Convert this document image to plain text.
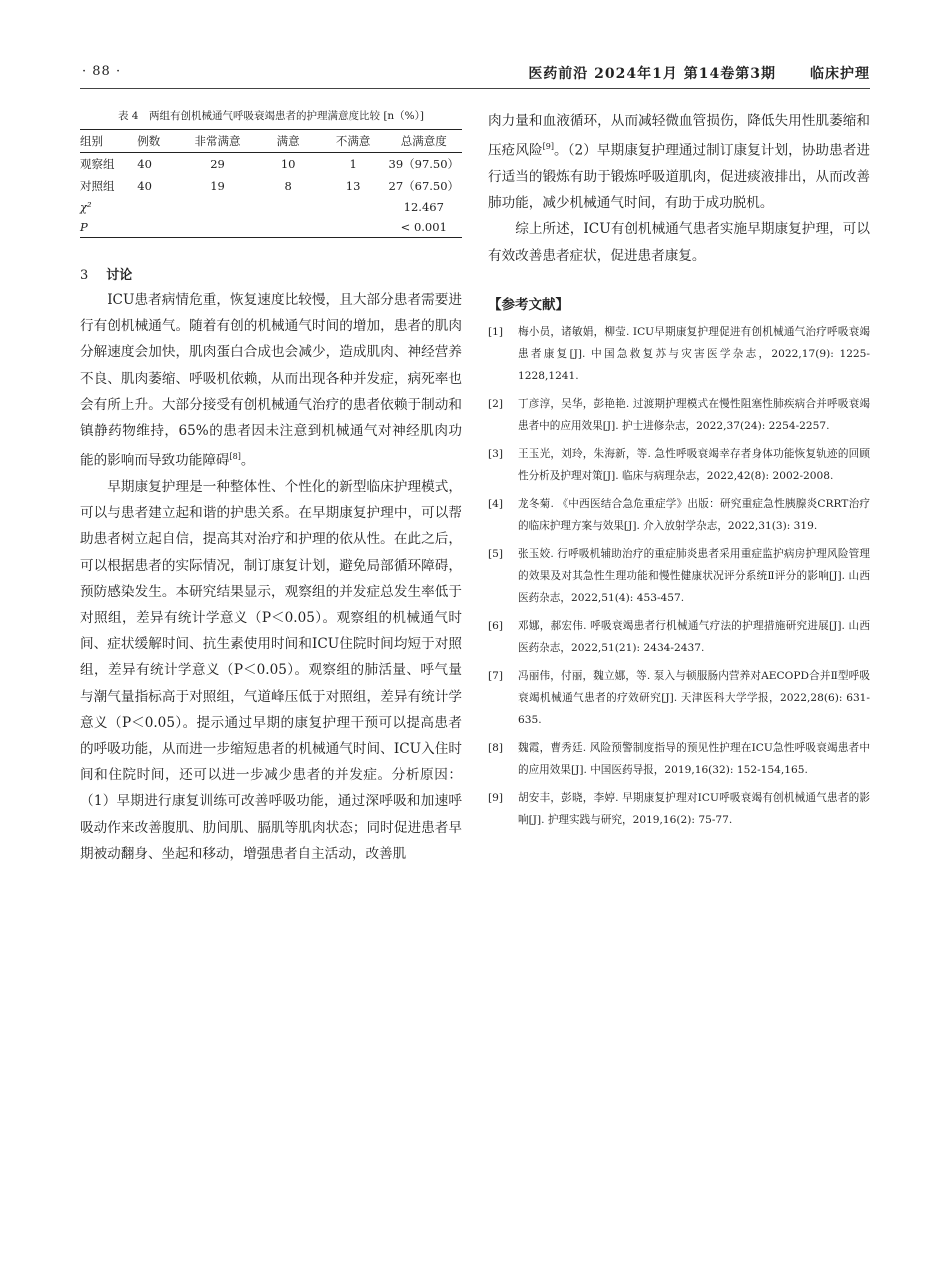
· 88 ·	医药前沿 2024年1月 第14卷第3期 临床护理
表 4　两组有创机械通气呼吸衰竭患者的护理满意度比较 [n（%）]
组别	例数	非常满意	满意	不满意	总满意度
观察组	40	29	10	1	39（97.50）
对照组	40	19	8	13	27（67.50）
χ²					12.467
P					< 0.001
3 讨论

ICU患者病情危重，恢复速度比较慢，且大部分患者需要进行有创机械通气。随着有创的机械通气时间的增加，患者的肌肉分解速度会加快，肌肉蛋白合成也会减少，造成肌肉、神经营养不良、肌肉萎缩、呼吸机依赖，从而出现各种并发症，病死率也会有所上升。大部分接受有创机械通气治疗的患者依赖于制动和镇静药物维持，65%的患者因未注意到机械通气对神经肌肉功能的影响而导致功能障碍[8]。

早期康复护理是一种整体性、个性化的新型临床护理模式，可以与患者建立起和谐的护患关系。在早期康复护理中，可以帮助患者树立起自信，提高其对治疗和护理的依从性。在此之后，可以根据患者的实际情况，制订康复计划，避免局部循环障碍，预防感染发生。本研究结果显示，观察组的并发症总发生率低于对照组，差异有统计学意义（P＜0.05）。观察组的机械通气时间、症状缓解时间、抗生素使用时间和ICU住院时间均短于对照组，差异有统计学意义（P＜0.05）。观察组的肺活量、呼气量与潮气量指标高于对照组，气道峰压低于对照组，差异有统计学意义（P＜0.05）。提示通过早期的康复护理干预可以提高患者的呼吸功能，从而进一步缩短患者的机械通气时间、ICU入住时间和住院时间，还可以进一步减少患者的并发症。分析原因：（1）早期进行康复训练可改善呼吸功能，通过深呼吸和加速呼吸动作来改善腹肌、肋间肌、膈肌等肌肉状态；同时促进患者早期被动翻身、坐起和移动，增强患者自主活动，改善肌

肉力量和血液循环，从而减轻微血管损伤，降低失用性肌萎缩和压疮风险[9]。（2）早期康复护理通过制订康复计划，协助患者进行适当的锻炼有助于锻炼呼吸道肌肉，促进痰液排出，从而改善肺功能，减少机械通气时间，有助于成功脱机。

综上所述，ICU有创机械通气患者实施早期康复护理，可以有效改善患者症状，促进患者康复。

【参考文献】
[1]	梅小员，诸敏娟，柳莹. ICU早期康复护理促进有创机械通气治疗呼吸衰竭患者康复[J]. 中国急救复苏与灾害医学杂志，2022,17(9): 1225-1228,1241.
[2]	丁彦淳，吴华，彭艳艳. 过渡期护理模式在慢性阻塞性肺疾病合并呼吸衰竭患者中的应用效果[J]. 护士进修杂志，2022,37(24): 2254-2257.
[3]	王玉光，刘玲，朱海新，等. 急性呼吸衰竭幸存者身体功能恢复轨迹的回顾性分析及护理对策[J]. 临床与病理杂志，2022,42(8): 2002-2008.
[4]	龙冬菊. 《中西医结合急危重症学》出版：研究重症急性胰腺炎CRRT治疗的临床护理方案与效果[J]. 介入放射学杂志，2022,31(3): 319.
[5]	张玉姣. 行呼吸机辅助治疗的重症肺炎患者采用重症监护病房护理风险管理的效果及对其急性生理功能和慢性健康状况评分系统Ⅱ评分的影响[J]. 山西医药杂志，2022,51(4): 453-457.
[6]	邓娜，郝宏伟. 呼吸衰竭患者行机械通气疗法的护理措施研究进展[J]. 山西医药杂志，2022,51(21): 2434-2437.
[7]	冯丽伟，付丽，魏立娜，等. 泵入与顿服肠内营养对AECOPD合并Ⅱ型呼吸衰竭机械通气患者的疗效研究[J]. 天津医科大学学报，2022,28(6): 631-635.
[8]	魏霞，曹秀廷. 风险预警制度指导的预见性护理在ICU急性呼吸衰竭患者中的应用效果[J]. 中国医药导报，2019,16(32): 152-154,165.
[9]	胡安丰，彭晓，李婷. 早期康复护理对ICU呼吸衰竭有创机械通气患者的影响[J]. 护理实践与研究，2019,16(2): 75-77.
